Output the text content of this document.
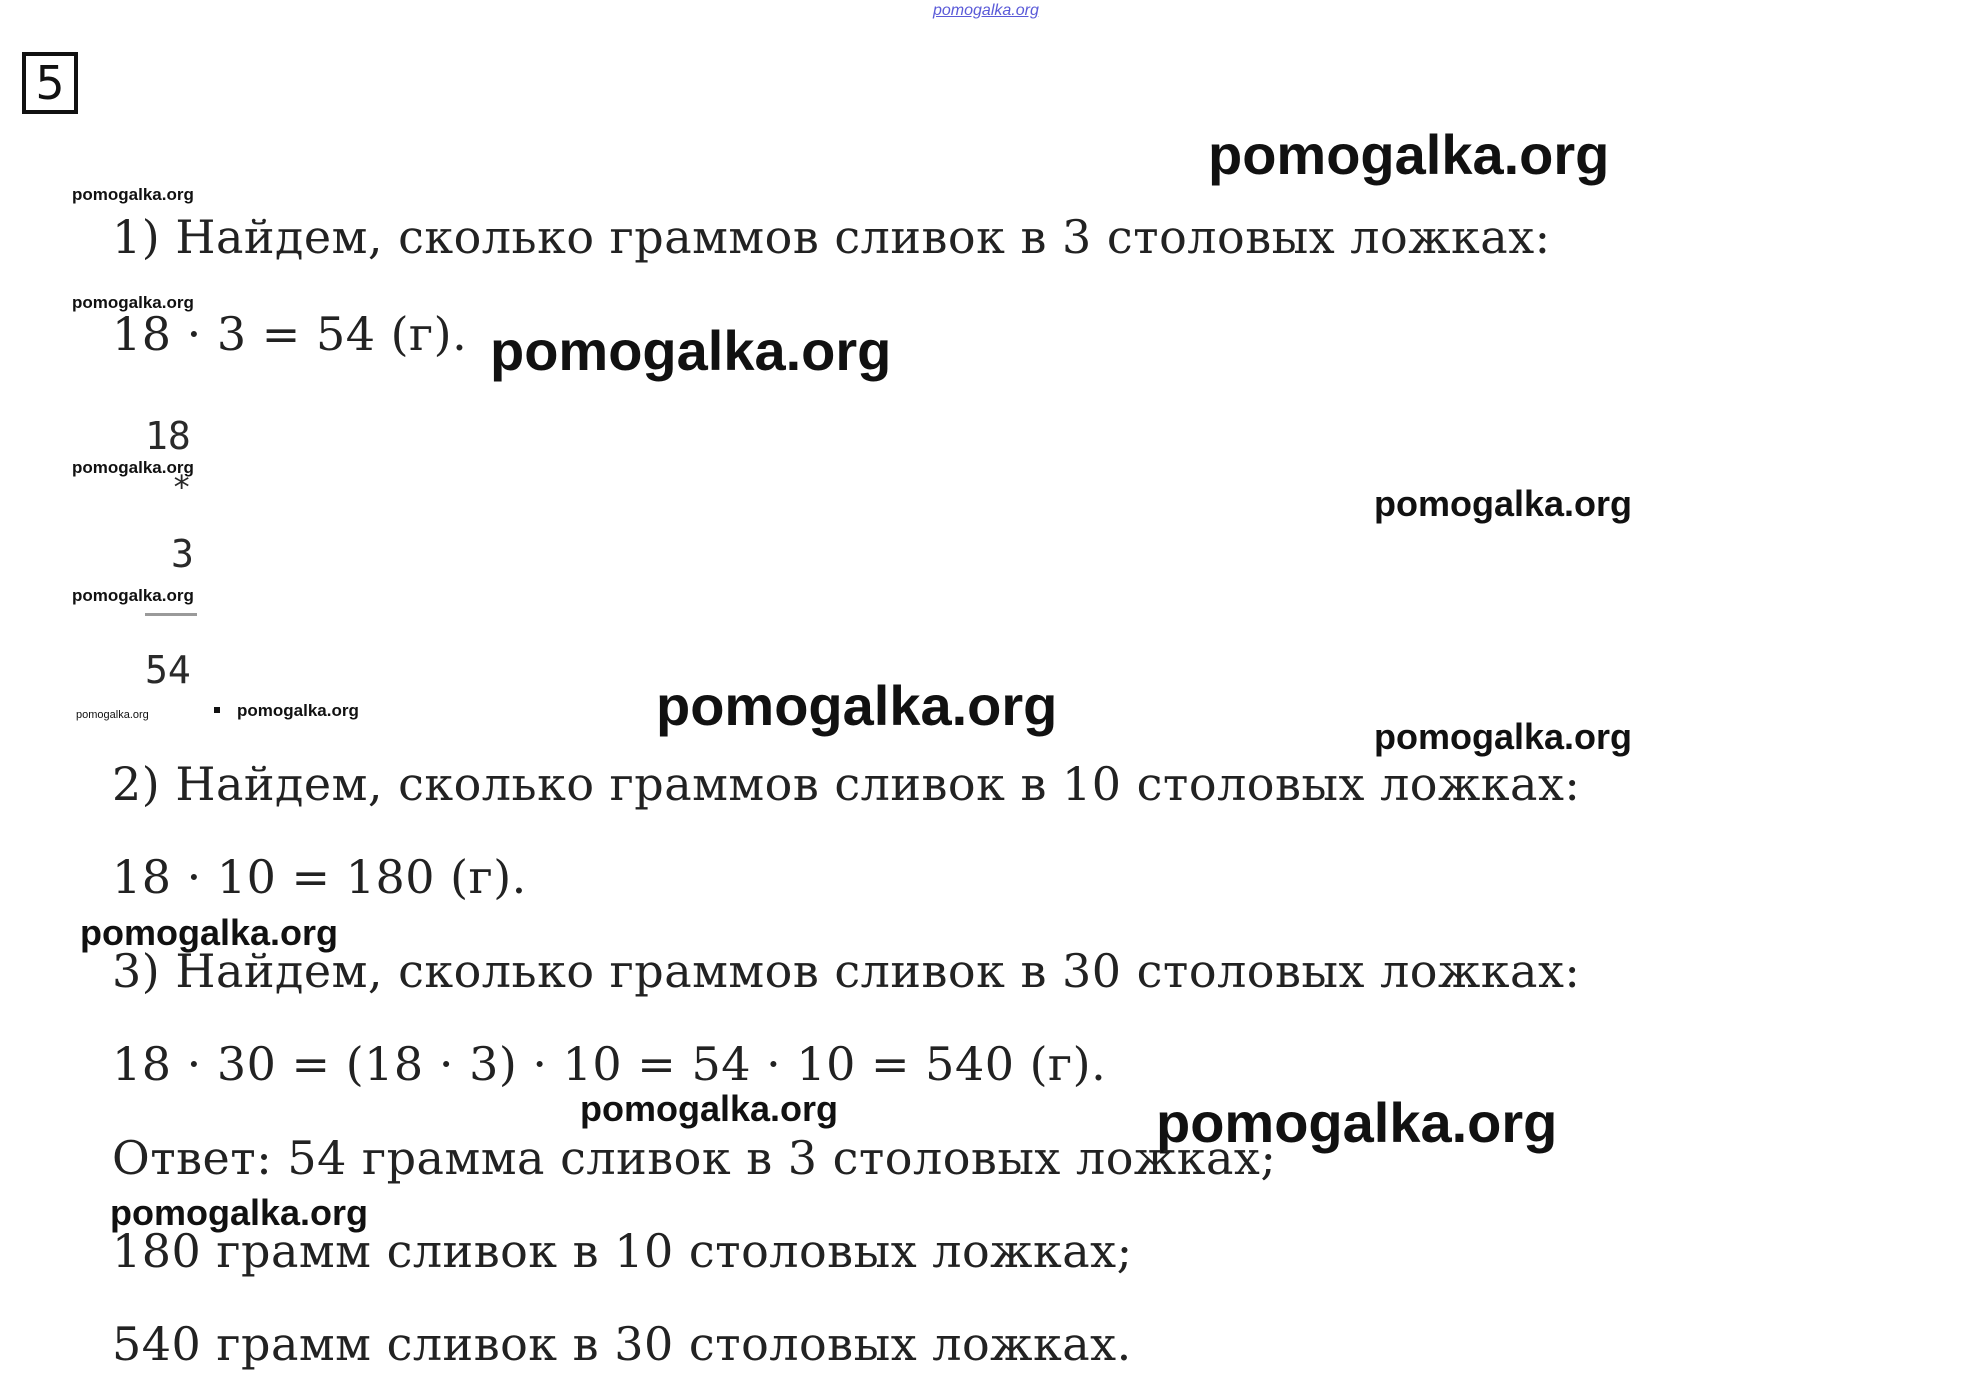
pomogalka.org
5
pomogalka.org
pomogalka.org
1) Найдем, сколько граммов сливок в 3 столовых ложках:
pomogalka.org
18 · 3 = 54 (г). pomogalka.org
18
pomogalka.org
*	pomogalka.org
3
pomogalka.org
54
pomogalka.org	pomogalka.org	pomogalka.org	pomogalka.org
2) Найдем, сколько граммов сливок в 10 столовых ложках:
18 · 10 = 180 (г).
pomogalka.org
3) Найдем, сколько граммов сливок в 30 столовых ложках:
18 · 30 = (18 · 3) · 10 = 54 · 10 = 540 (г).
pomogalka.org	pomogalka.org
Ответ: 54 грамма сливок в 3 столовых ложках;
pomogalka.org
180 грамм сливок в 10 столовых ложках;
540 грамм сливок в 30 столовых ложках.
